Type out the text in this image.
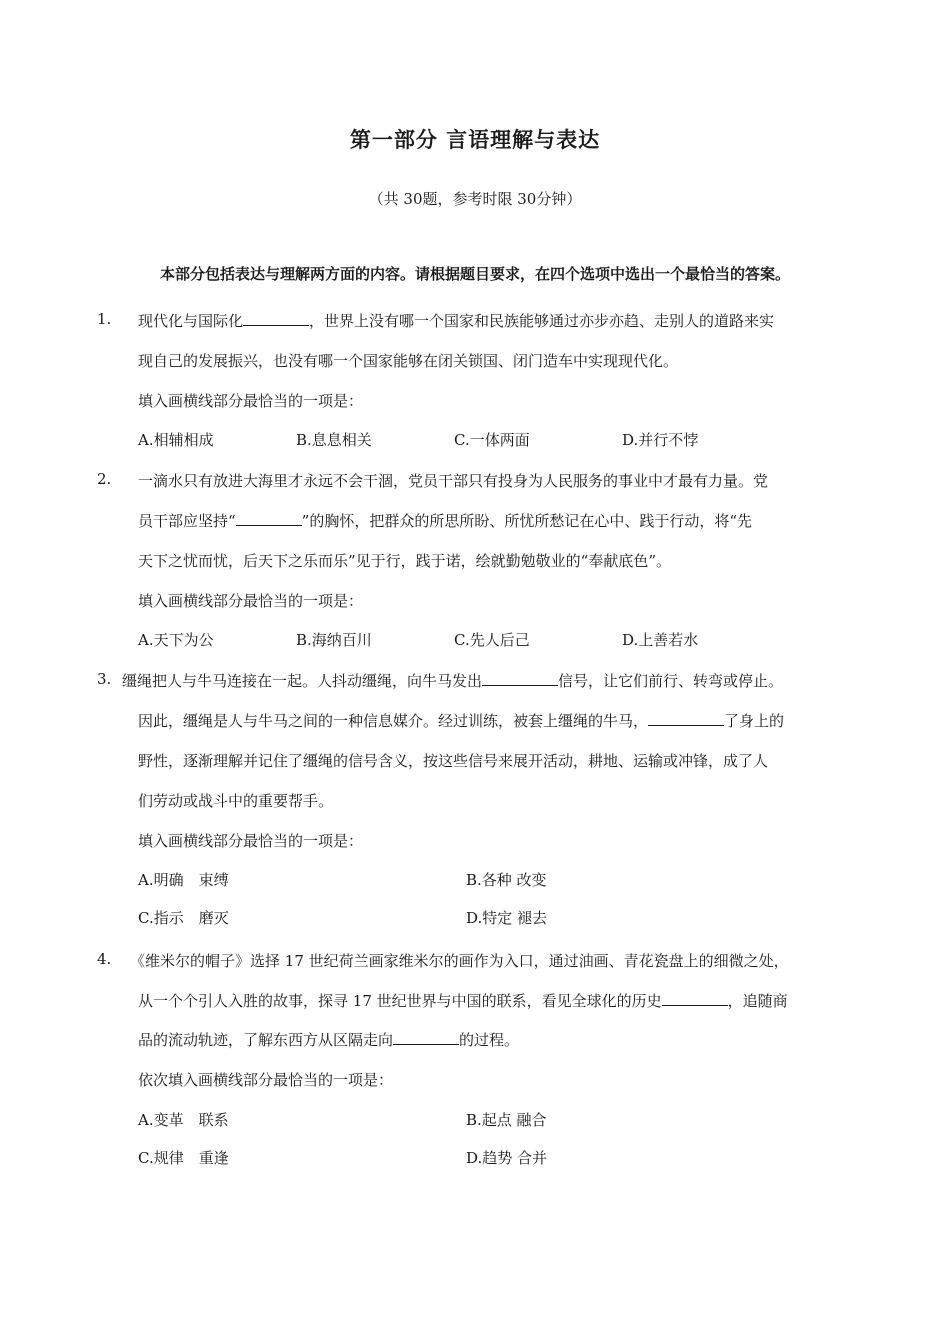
第一部分 言语理解与表达
（共 30题，参考时限 30分钟）
本部分包括表达与理解两方面的内容。请根据题目要求，在四个选项中选出一个最恰当的答案。
1. 现代化与国际化	，世界上没有哪一个国家和民族能够通过亦步亦趋、走别人的道路来实
现自己的发展振兴，也没有哪一个国家能够在闭关锁国、闭门造车中实现现代化。
填入画横线部分最恰当的一项是：
A.相辅相成	B.息息相关	C.一体两面	D.并行不悖
2. 一滴水只有放进大海里才永远不会干涸，党员干部只有投身为人民服务的事业中才最有力量。党
员干部应坚持“	”的胸怀，把群众的所思所盼、所忧所愁记在心中、践于行动，将“先
天下之忧而忧，后天下之乐而乐”见于行，践于诺，绘就勤勉敬业的“奉献底色”。
填入画横线部分最恰当的一项是：
A.天下为公	B.海纳百川	C.先人后己	D.上善若水
3. 缰绳把人与牛马连接在一起。人抖动缰绳，向牛马发出	信号，让它们前行、转弯或停止。
因此，缰绳是人与牛马之间的一种信息媒介。经过训练，被套上缰绳的牛马，	了身上的
野性，逐渐理解并记住了缰绳的信号含义，按这些信号来展开活动，耕地、运输或冲锋，成了人
们劳动或战斗中的重要帮手。
填入画横线部分最恰当的一项是：
A.明确　束缚	B.各种 改变
C.指示　磨灭	D.特定 褪去
4. 《维米尔的帽子》选择 17 世纪荷兰画家维米尔的画作为入口，通过油画、青花瓷盘上的细微之处，
从一个个引人入胜的故事，探寻 17 世纪世界与中国的联系，看见全球化的历史	，追随商
品的流动轨迹，了解东西方从区隔走向	的过程。
依次填入画横线部分最恰当的一项是：
A.变革　联系	B.起点 融合
C.规律　重逢	D.趋势 合并
